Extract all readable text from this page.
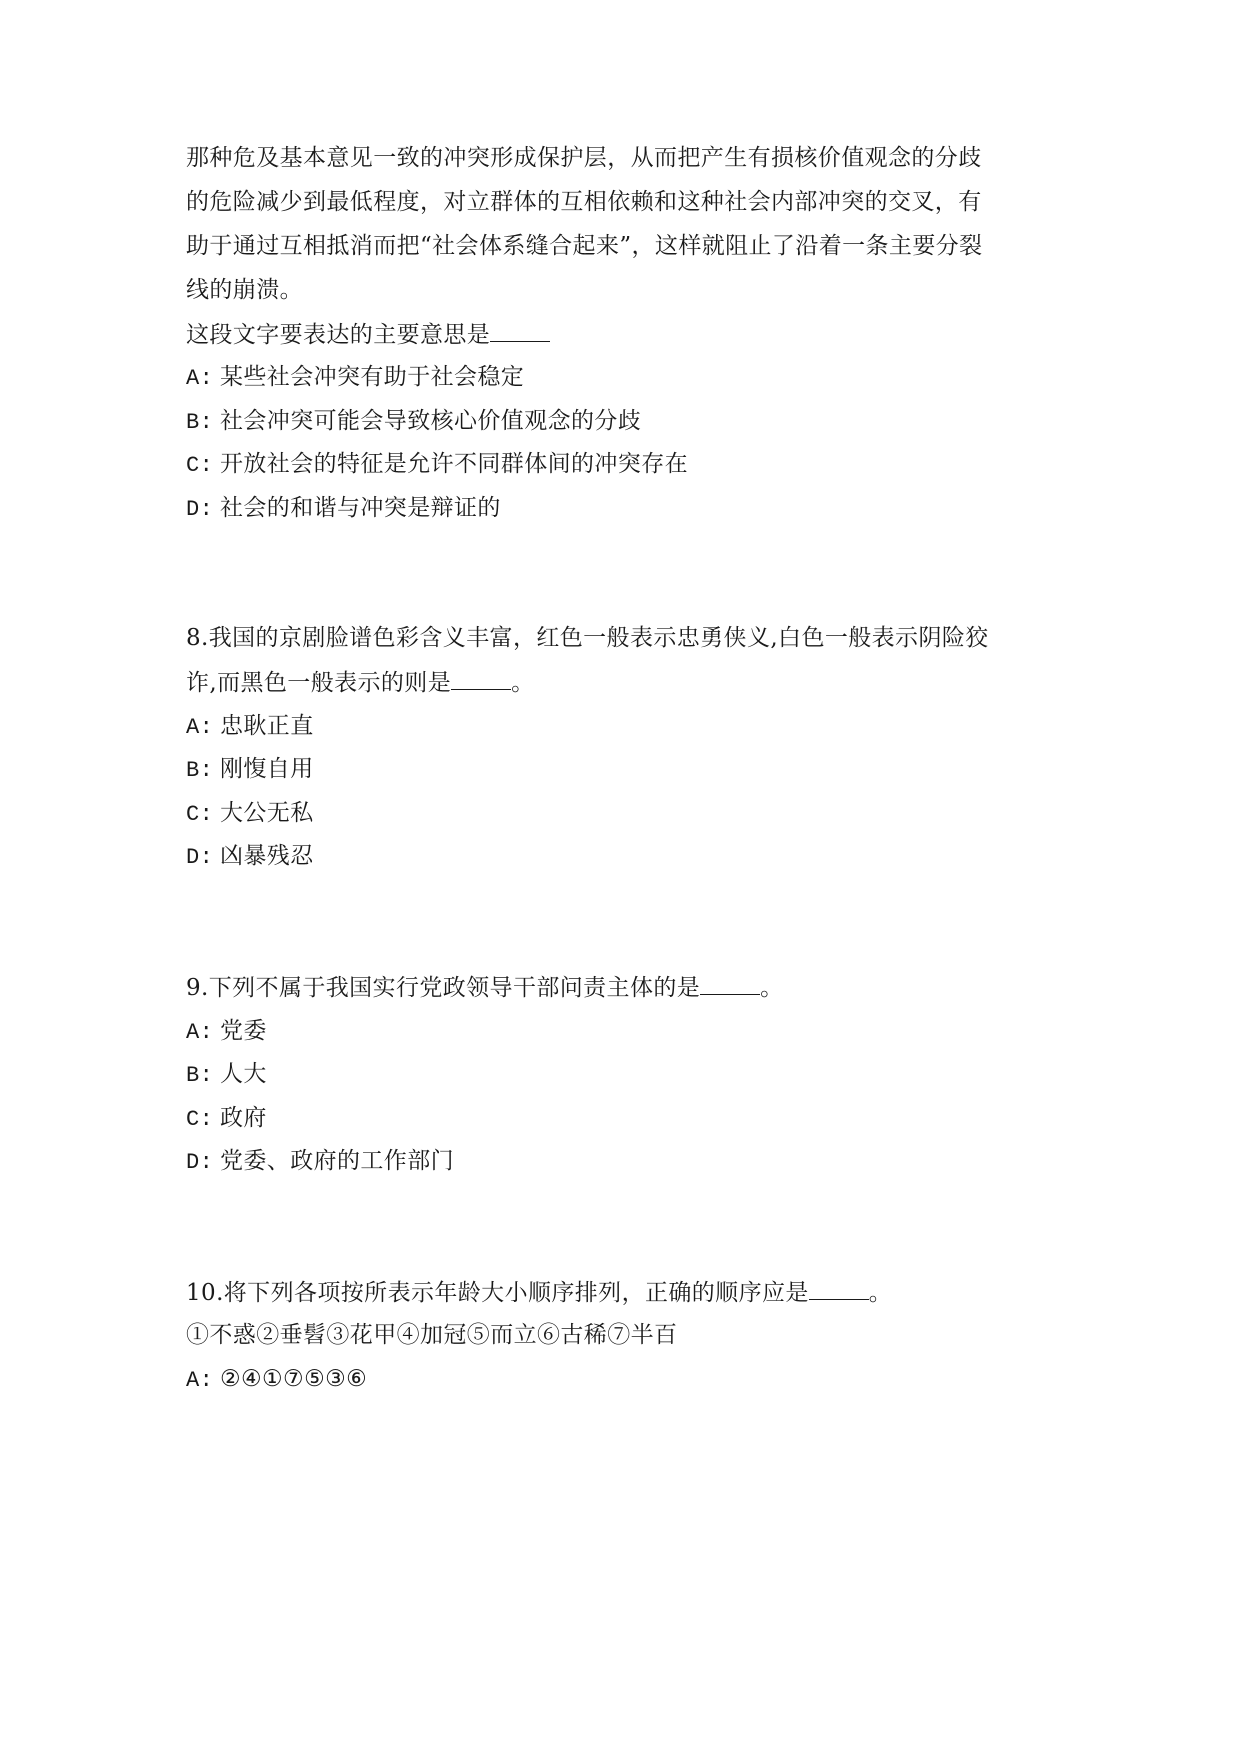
那种危及基本意见一致的冲突形成保护层，从而把产生有损核价值观念的分歧
的危险减少到最低程度，对立群体的互相依赖和这种社会内部冲突的交叉，有
助于通过互相抵消而把“社会体系缝合起来”，这样就阻止了沿着一条主要分裂
线的崩溃。
这段文字要表达的主要意思是
A: 某些社会冲突有助于社会稳定
B: 社会冲突可能会导致核心价值观念的分歧
C: 开放社会的特征是允许不同群体间的冲突存在
D: 社会的和谐与冲突是辩证的
8.我国的京剧脸谱色彩含义丰富，红色一般表示忠勇侠义,白色一般表示阴险狡
诈,而黑色一般表示的则是	。
A: 忠耿正直
B: 刚愎自用
C: 大公无私
D: 凶暴残忍
9.下列不属于我国实行党政领导干部问责主体的是	。
A: 党委
B: 人大
C: 政府
D: 党委、政府的工作部门
10.将下列各项按所表示年龄大小顺序排列，正确的顺序应是	。
①不惑②垂髫③花甲④加冠⑤而立⑥古稀⑦半百
A: ②④①⑦⑤③⑥
